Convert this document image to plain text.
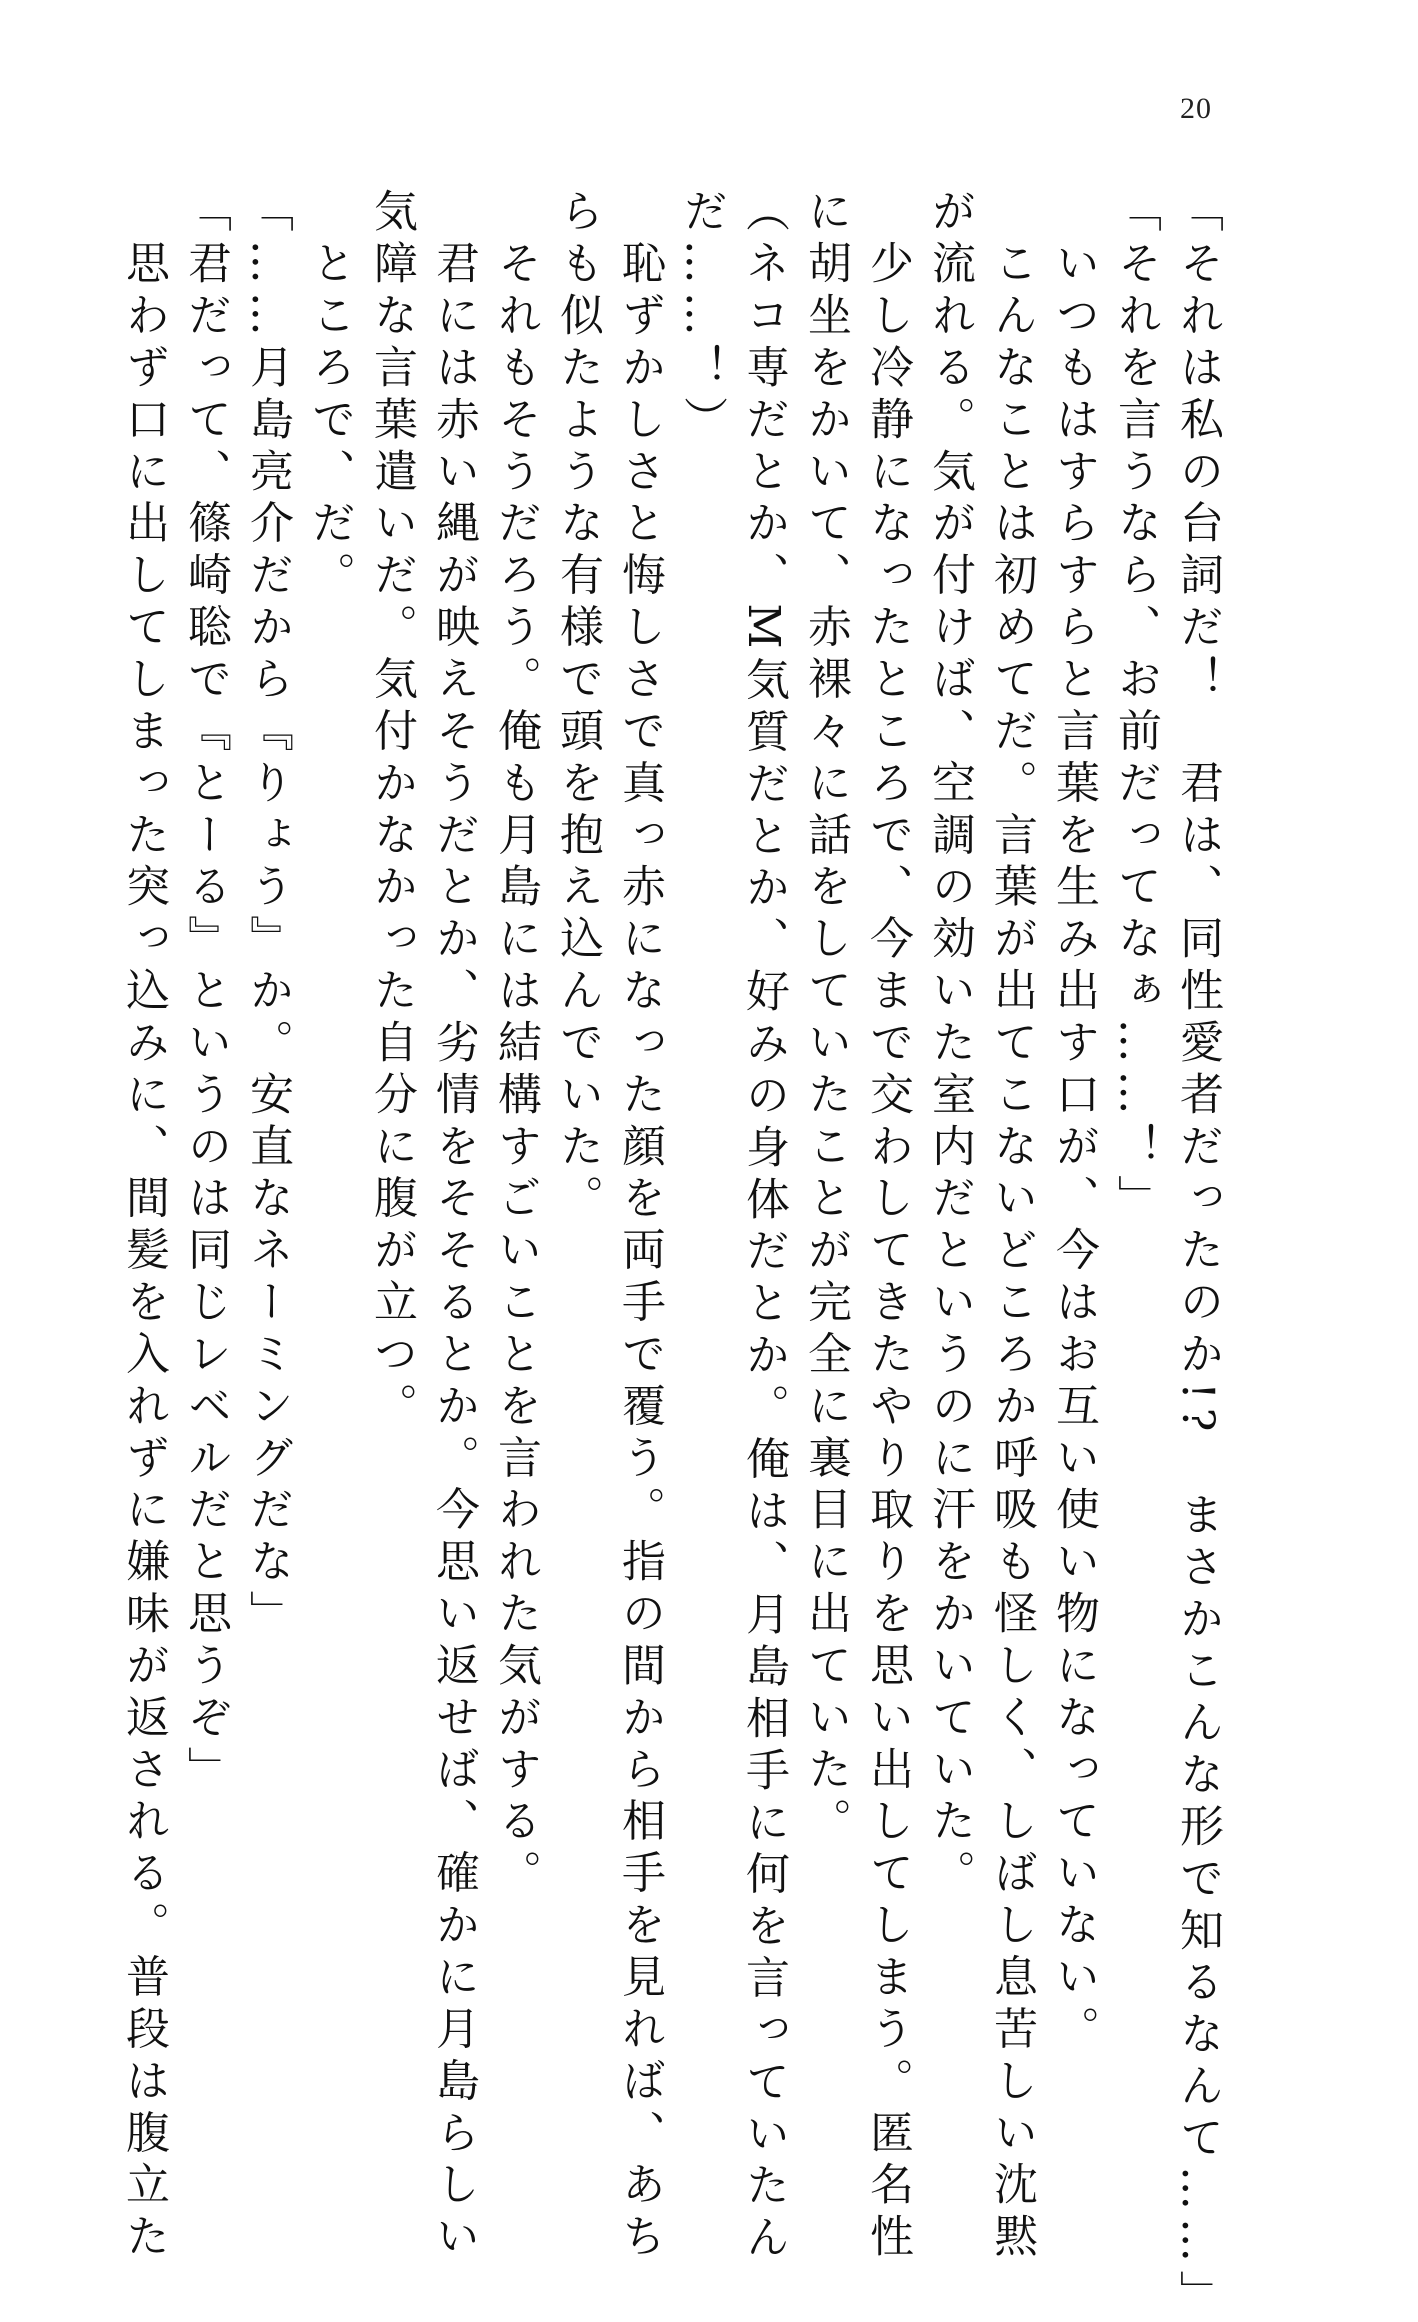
20
「それは私の台詞だ！　君は、同性愛者だったのか!?　まさかこんな形で知るなんて……」
「それを言うなら、お前だってなぁ……！」
　いつもはすらすらと言葉を生み出す口が、今はお互い使い物になっていない。
　こんなことは初めてだ。言葉が出てこないどころか呼吸も怪しく、しばし息苦しい沈黙
が流れる。気が付けば、空調の効いた室内だというのに汗をかいていた。
　少し冷静になったところで、今まで交わしてきたやり取りを思い出してしまう。匿名性
に胡坐をかいて、赤裸々に話をしていたことが完全に裏目に出ていた。
（ネコ専だとか、M気質だとか、好みの身体だとか。俺は、月島相手に何を言っていたん
だ……！）
　恥ずかしさと悔しさで真っ赤になった顔を両手で覆う。指の間から相手を見れば、あち
らも似たような有様で頭を抱え込んでいた。
　それもそうだろう。俺も月島には結構すごいことを言われた気がする。
　君には赤い縄が映えそうだとか、劣情をそそるとか。今思い返せば、確かに月島らしい
気障な言葉遣いだ。気付かなかった自分に腹が立つ。
　ところで、だ。
「……月島亮介だから『りょう』か。安直なネーミングだな」
「君だって、篠崎聡で『とーる』というのは同じレベルだと思うぞ」
　思わず口に出してしまった突っ込みに、間髪を入れずに嫌味が返される。普段は腹立た
